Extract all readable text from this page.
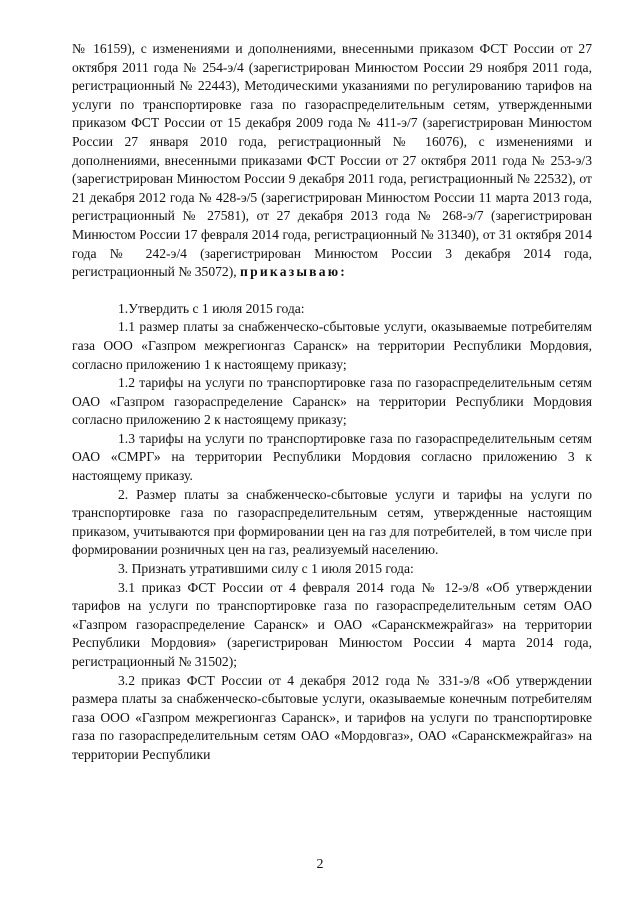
№ 16159), с изменениями и дополнениями, внесенными приказом ФСТ России от 27 октября 2011 года № 254-э/4 (зарегистрирован Минюстом России 29 ноября 2011 года, регистрационный № 22443), Методическими указаниями по регулированию тарифов на услуги по транспортировке газа по газораспределительным сетям, утвержденными приказом ФСТ России от 15 декабря 2009 года № 411-э/7 (зарегистрирован Минюстом России 27 января 2010 года, регистрационный № 16076), с изменениями и дополнениями, внесенными приказами ФСТ России от 27 октября 2011 года № 253-э/3 (зарегистрирован Минюстом России 9 декабря 2011 года, регистрационный № 22532), от 21 декабря 2012 года № 428-э/5 (зарегистрирован Минюстом России 11 марта 2013 года, регистрационный № 27581), от 27 декабря 2013 года № 268-э/7 (зарегистрирован Минюстом России 17 февраля 2014 года, регистрационный № 31340), от 31 октября 2014 года № 242-э/4 (зарегистрирован Минюстом России 3 декабря 2014 года, регистрационный № 35072), приказываю:

1.Утвердить с 1 июля 2015 года:

1.1 размер платы за снабженческо-сбытовые услуги, оказываемые потребителям газа ООО «Газпром межрегионгаз Саранск» на территории Республики Мордовия, согласно приложению 1 к настоящему приказу;

1.2 тарифы на услуги по транспортировке газа по газораспределительным сетям ОАО «Газпром газораспределение Саранск» на территории Республики Мордовия согласно приложению 2 к настоящему приказу;

1.3 тарифы на услуги по транспортировке газа по газораспределительным сетям ОАО «СМРГ» на территории Республики Мордовия согласно приложению 3 к настоящему приказу.

2. Размер платы за снабженческо-сбытовые услуги и тарифы на услуги по транспортировке газа по газораспределительным сетям, утвержденные настоящим приказом, учитываются при формировании цен на газ для потребителей, в том числе при формировании розничных цен на газ, реализуемый населению.

3. Признать утратившими силу с 1 июля 2015 года:

3.1 приказ ФСТ России от 4 февраля 2014 года № 12-э/8 «Об утверждении тарифов на услуги по транспортировке газа по газораспределительным сетям ОАО «Газпром газораспределение Саранск» и ОАО «Саранскмежрайгаз» на территории Республики Мордовия» (зарегистрирован Минюстом России 4 марта 2014 года, регистрационный № 31502);

3.2 приказ ФСТ России от 4 декабря 2012 года № 331-э/8 «Об утверждении размера платы за снабженческо-сбытовые услуги, оказываемые конечным потребителям газа ООО «Газпром межрегионгаз Саранск», и тарифов на услуги по транспортировке газа по газораспределительным сетям ОАО «Мордовгаз», ОАО «Саранскмежрайгаз» на территории Республики

2
